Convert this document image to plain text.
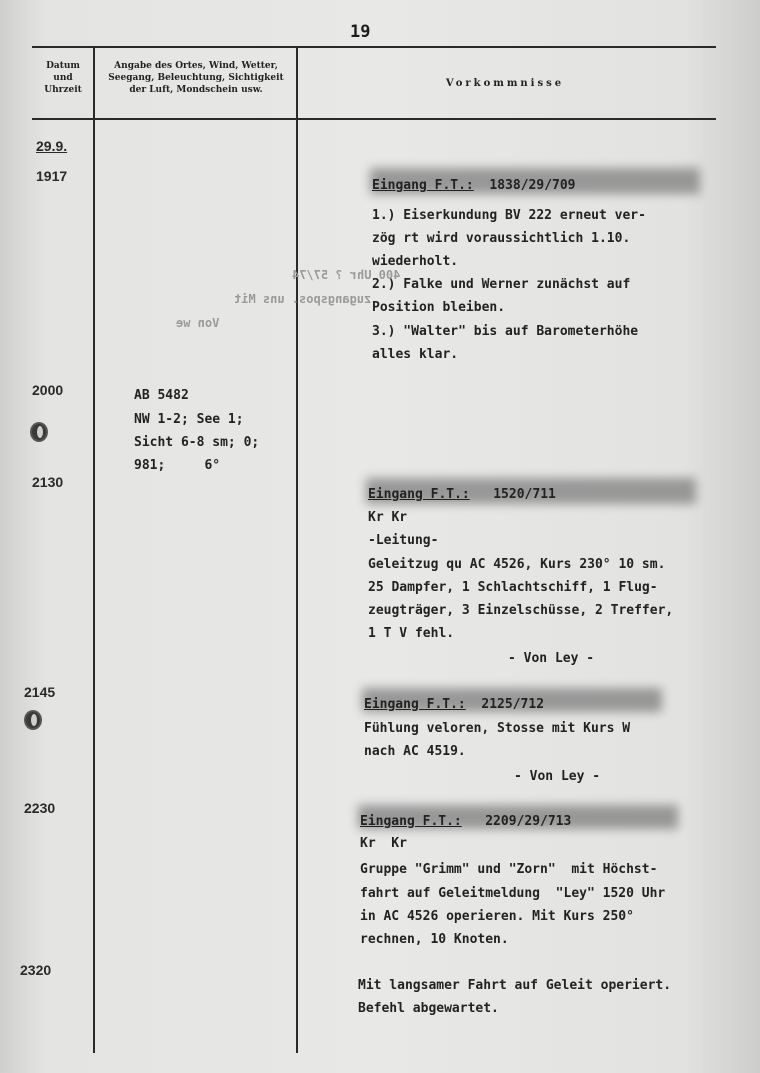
19
Datum
und
Uhrzeit
Angabe des Ortes, Wind, Wetter,
Seegang, Beleuchtung, Sichtigkeit
der Luft, Mondschein usw.
Vorkommnisse
29.9.
1917
Eingang F.T.: 1838/29/709
1.) Eiserkundung BV 222 erneut ver-
zög rt wird voraussichtlich 1.10.
wiederholt.
2.) Falke und Werner zunächst auf
Position bleiben.
3.) "Walter" bis auf Barometerhöhe
alles klar.
400 Uhr ? 57/74
zugangspos. uns Mit
Von we
2000	AB 5482
NW 1-2; See 1;
Sicht 6-8 sm; 0;
981;     6°
2130
Eingang F.T.: 1520/711
Kr Kr
-Leitung-
Geleitzug qu AC 4526, Kurs 230° 10 sm.
25 Dampfer, 1 Schlachtschiff, 1 Flug-
zeugträger, 3 Einzelschüsse, 2 Treffer,
1 T V fehl.
- Von Ley -
2145
Eingang F.T.: 2125/712
Fühlung veloren, Stosse mit Kurs W
nach AC 4519.
- Von Ley -
2230
Eingang F.T.: 2209/29/713
Kr  Kr
Gruppe "Grimm" und "Zorn"  mit Höchst-
fahrt auf Geleitmeldung  "Ley" 1520 Uhr
in AC 4526 operieren. Mit Kurs 250°
rechnen, 10 Knoten.
2320
Mit langsamer Fahrt auf Geleit operiert.
Befehl abgewartet.
